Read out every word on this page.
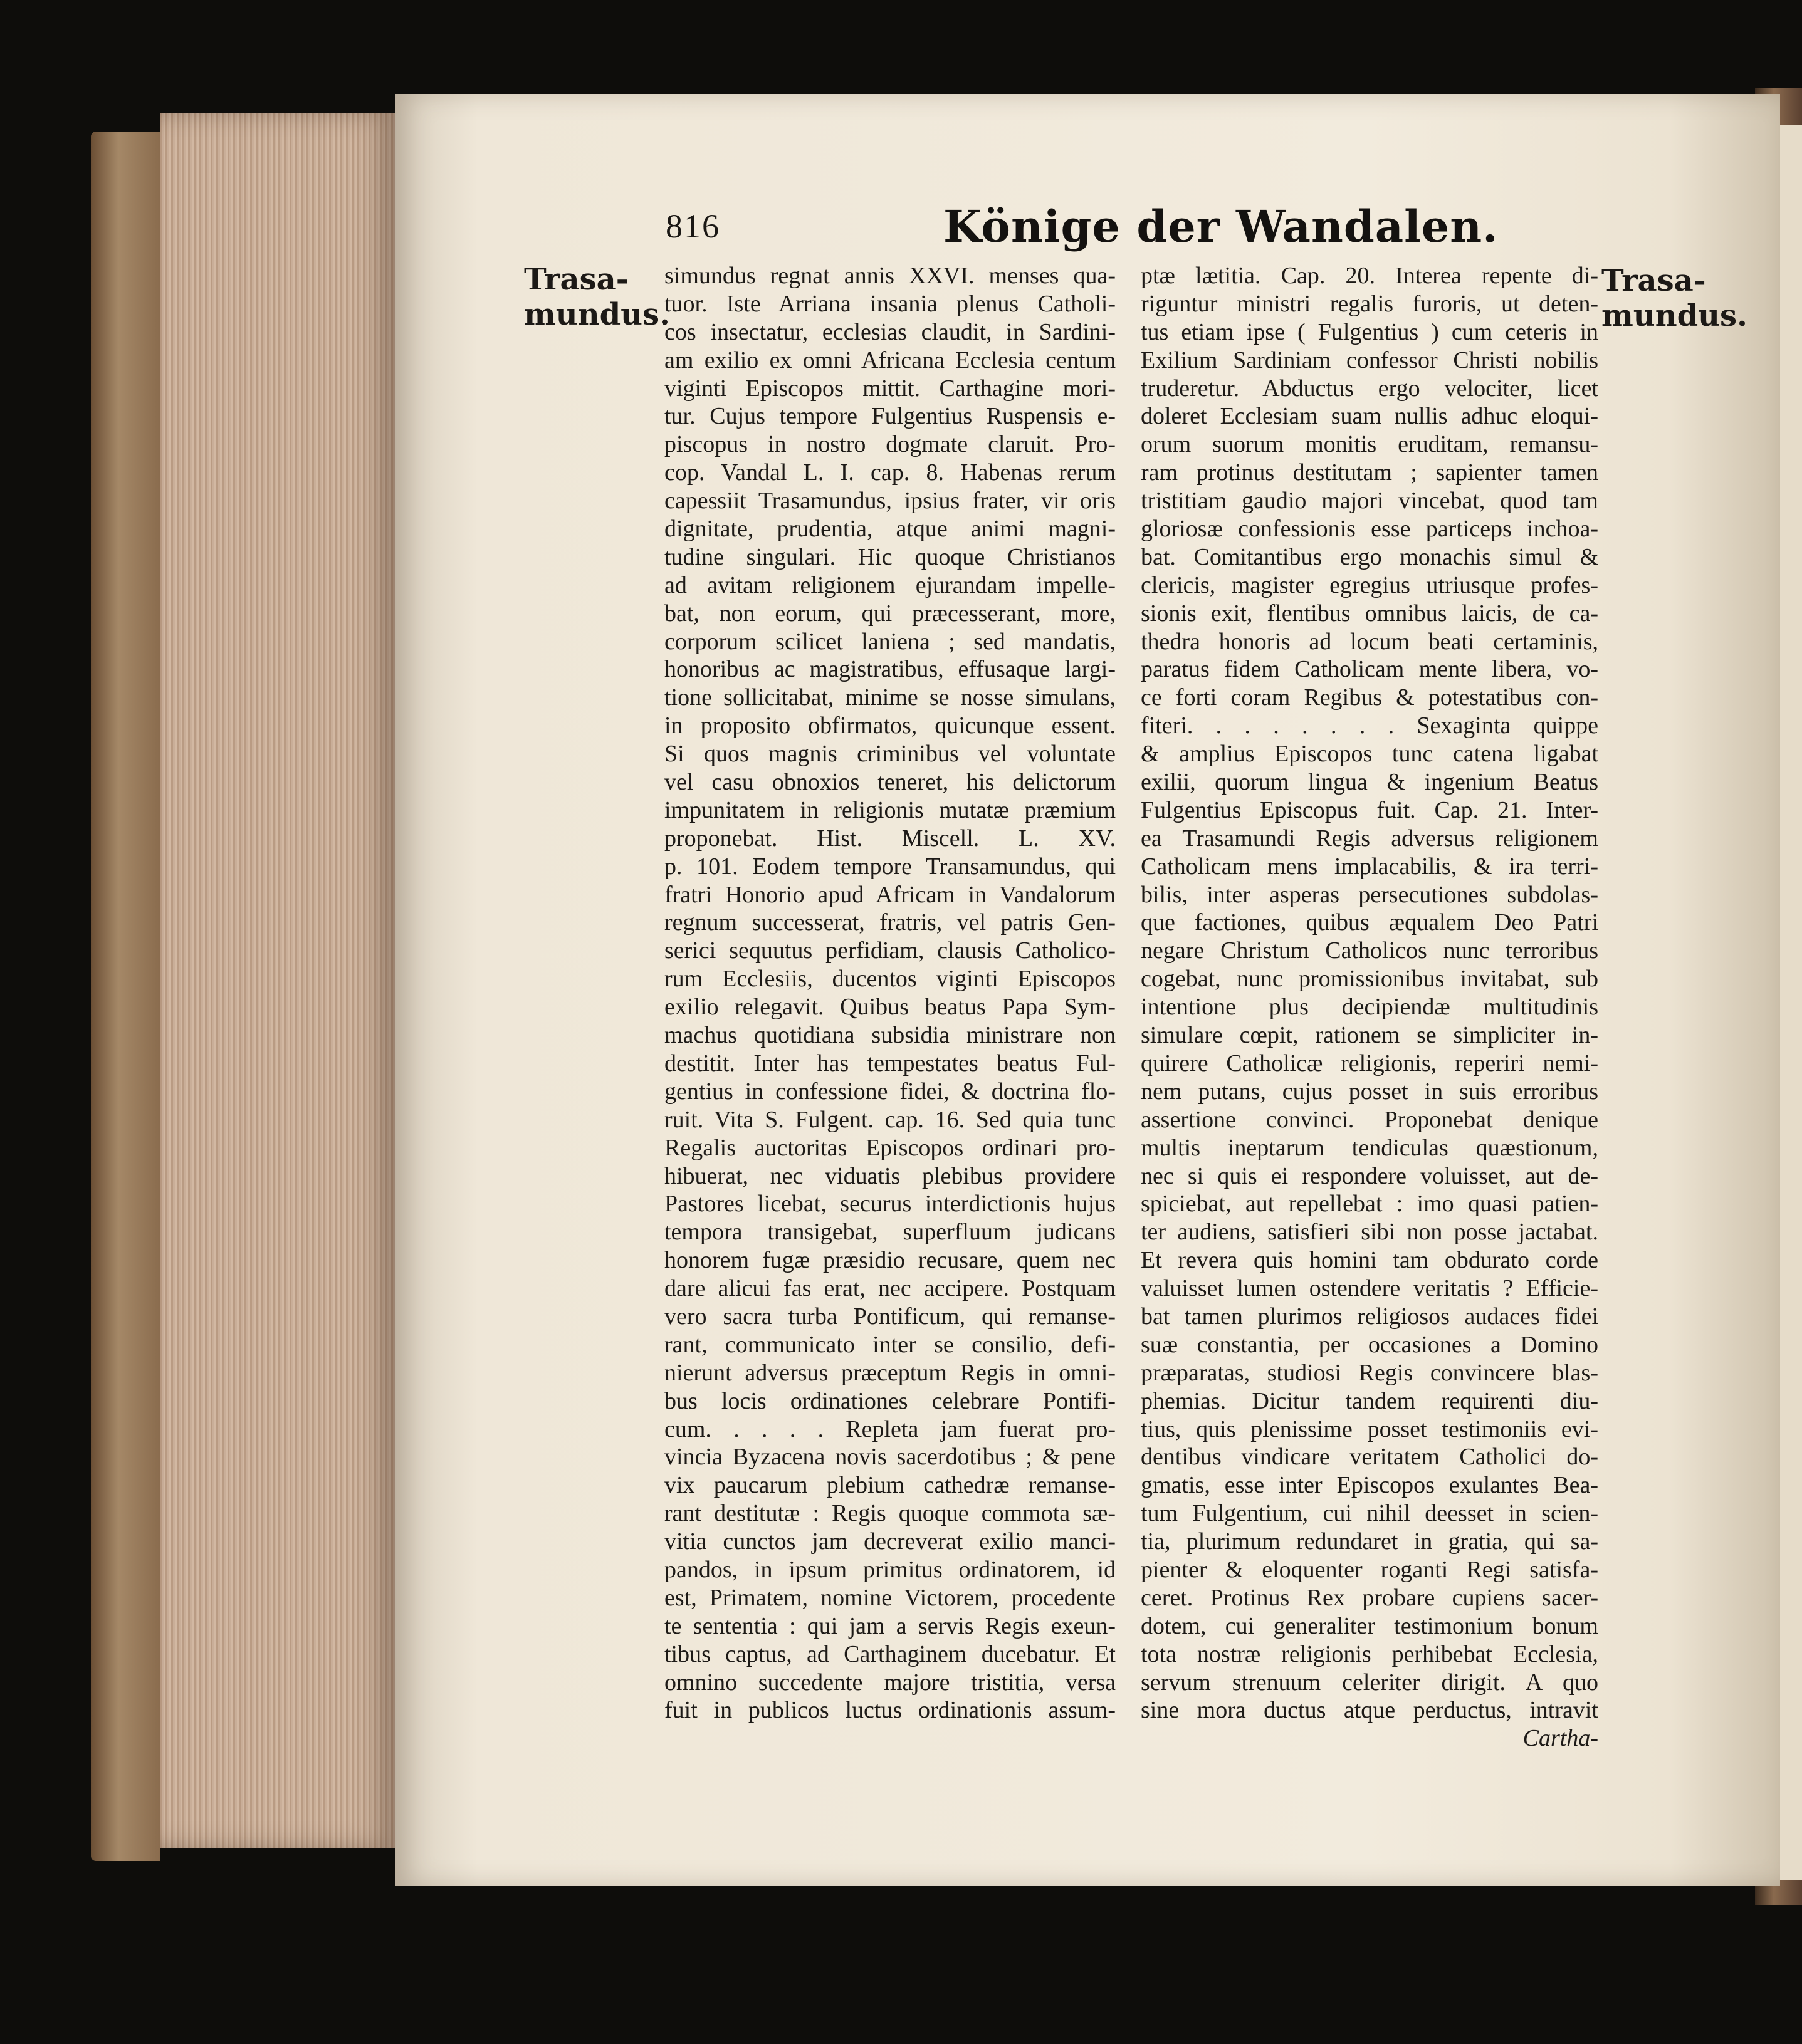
816	Könige der Wandalen.
Trasa-
mundus.
Trasa-
mundus.
simundus regnat annis XXVI. menses qua-
tuor. Iste Arriana insania plenus Catholi-
cos insectatur, ecclesias claudit, in Sardini-
am exilio ex omni Africana Ecclesia centum
viginti Episcopos mittit. Carthagine mori-
tur. Cujus tempore Fulgentius Ruspensis e-
piscopus in nostro dogmate claruit. Pro-
cop. Vandal L. I. cap. 8. Habenas rerum
capessiit Trasamundus, ipsius frater, vir oris
dignitate, prudentia, atque animi magni-
tudine singulari. Hic quoque Christianos
ad avitam religionem ejurandam impelle-
bat, non eorum, qui præcesserant, more,
corporum scilicet laniena ; sed mandatis,
honoribus ac magistratibus, effusaque largi-
tione sollicitabat, minime se nosse simulans,
in proposito obfirmatos, quicunque essent.
Si quos magnis criminibus vel voluntate
vel casu obnoxios teneret, his delictorum
impunitatem in religionis mutatæ præmium
proponebat. Hist. Miscell. L. XV.
p. 101. Eodem tempore Transamundus, qui
fratri Honorio apud Africam in Vandalorum
regnum successerat, fratris, vel patris Gen-
serici sequutus perfidiam, clausis Catholico-
rum Ecclesiis, ducentos viginti Episcopos
exilio relegavit. Quibus beatus Papa Sym-
machus quotidiana subsidia ministrare non
destitit. Inter has tempestates beatus Ful-
gentius in confessione fidei, & doctrina flo-
ruit. Vita S. Fulgent. cap. 16. Sed quia tunc
Regalis auctoritas Episcopos ordinari pro-
hibuerat, nec viduatis plebibus providere
Pastores licebat, securus interdictionis hujus
tempora transigebat, superfluum judicans
honorem fugæ præsidio recusare, quem nec
dare alicui fas erat, nec accipere. Postquam
vero sacra turba Pontificum, qui remanse-
rant, communicato inter se consilio, defi-
nierunt adversus præceptum Regis in omni-
bus locis ordinationes celebrare Pontifi-
cum. . . . . Repleta jam fuerat pro-
vincia Byzacena novis sacerdotibus ; & pene
vix paucarum plebium cathedræ remanse-
rant destitutæ : Regis quoque commota sæ-
vitia cunctos jam decreverat exilio manci-
pandos, in ipsum primitus ordinatorem, id
est, Primatem, nomine Victorem, procedente
te sententia : qui jam a servis Regis exeun-
tibus captus, ad Carthaginem ducebatur. Et
omnino succedente majore tristitia, versa
fuit in publicos luctus ordinationis assum-
ptæ lætitia. Cap. 20. Interea repente di-
riguntur ministri regalis furoris, ut deten-
tus etiam ipse ( Fulgentius ) cum ceteris in
Exilium Sardiniam confessor Christi nobilis
truderetur. Abductus ergo velociter, licet
doleret Ecclesiam suam nullis adhuc eloqui-
orum suorum monitis eruditam, remansu-
ram protinus destitutam ; sapienter tamen
tristitiam gaudio majori vincebat, quod tam
gloriosæ confessionis esse particeps inchoa-
bat. Comitantibus ergo monachis simul &
clericis, magister egregius utriusque profes-
sionis exit, flentibus omnibus laicis, de ca-
thedra honoris ad locum beati certaminis,
paratus fidem Catholicam mente libera, vo-
ce forti coram Regibus & potestatibus con-
fiteri. . . . . . . . Sexaginta quippe
& amplius Episcopos tunc catena ligabat
exilii, quorum lingua & ingenium Beatus
Fulgentius Episcopus fuit. Cap. 21. Inter-
ea Trasamundi Regis adversus religionem
Catholicam mens implacabilis, & ira terri-
bilis, inter asperas persecutiones subdolas-
que factiones, quibus æqualem Deo Patri
negare Christum Catholicos nunc terroribus
cogebat, nunc promissionibus invitabat, sub
intentione plus decipiendæ multitudinis
simulare cœpit, rationem se simpliciter in-
quirere Catholicæ religionis, reperiri nemi-
nem putans, cujus posset in suis erroribus
assertione convinci. Proponebat denique
multis ineptarum tendiculas quæstionum,
nec si quis ei respondere voluisset, aut de-
spiciebat, aut repellebat : imo quasi patien-
ter audiens, satisfieri sibi non posse jactabat.
Et revera quis homini tam obdurato corde
valuisset lumen ostendere veritatis ? Efficie-
bat tamen plurimos religiosos audaces fidei
suæ constantia, per occasiones a Domino
præparatas, studiosi Regis convincere blas-
phemias. Dicitur tandem requirenti diu-
tius, quis plenissime posset testimoniis evi-
dentibus vindicare veritatem Catholici do-
gmatis, esse inter Episcopos exulantes Bea-
tum Fulgentium, cui nihil deesset in scien-
tia, plurimum redundaret in gratia, qui sa-
pienter & eloquenter roganti Regi satisfa-
ceret. Protinus Rex probare cupiens sacer-
dotem, cui generaliter testimonium bonum
tota nostræ religionis perhibebat Ecclesia,
servum strenuum celeriter dirigit. A quo
sine mora ductus atque perductus, intravit
Cartha-
